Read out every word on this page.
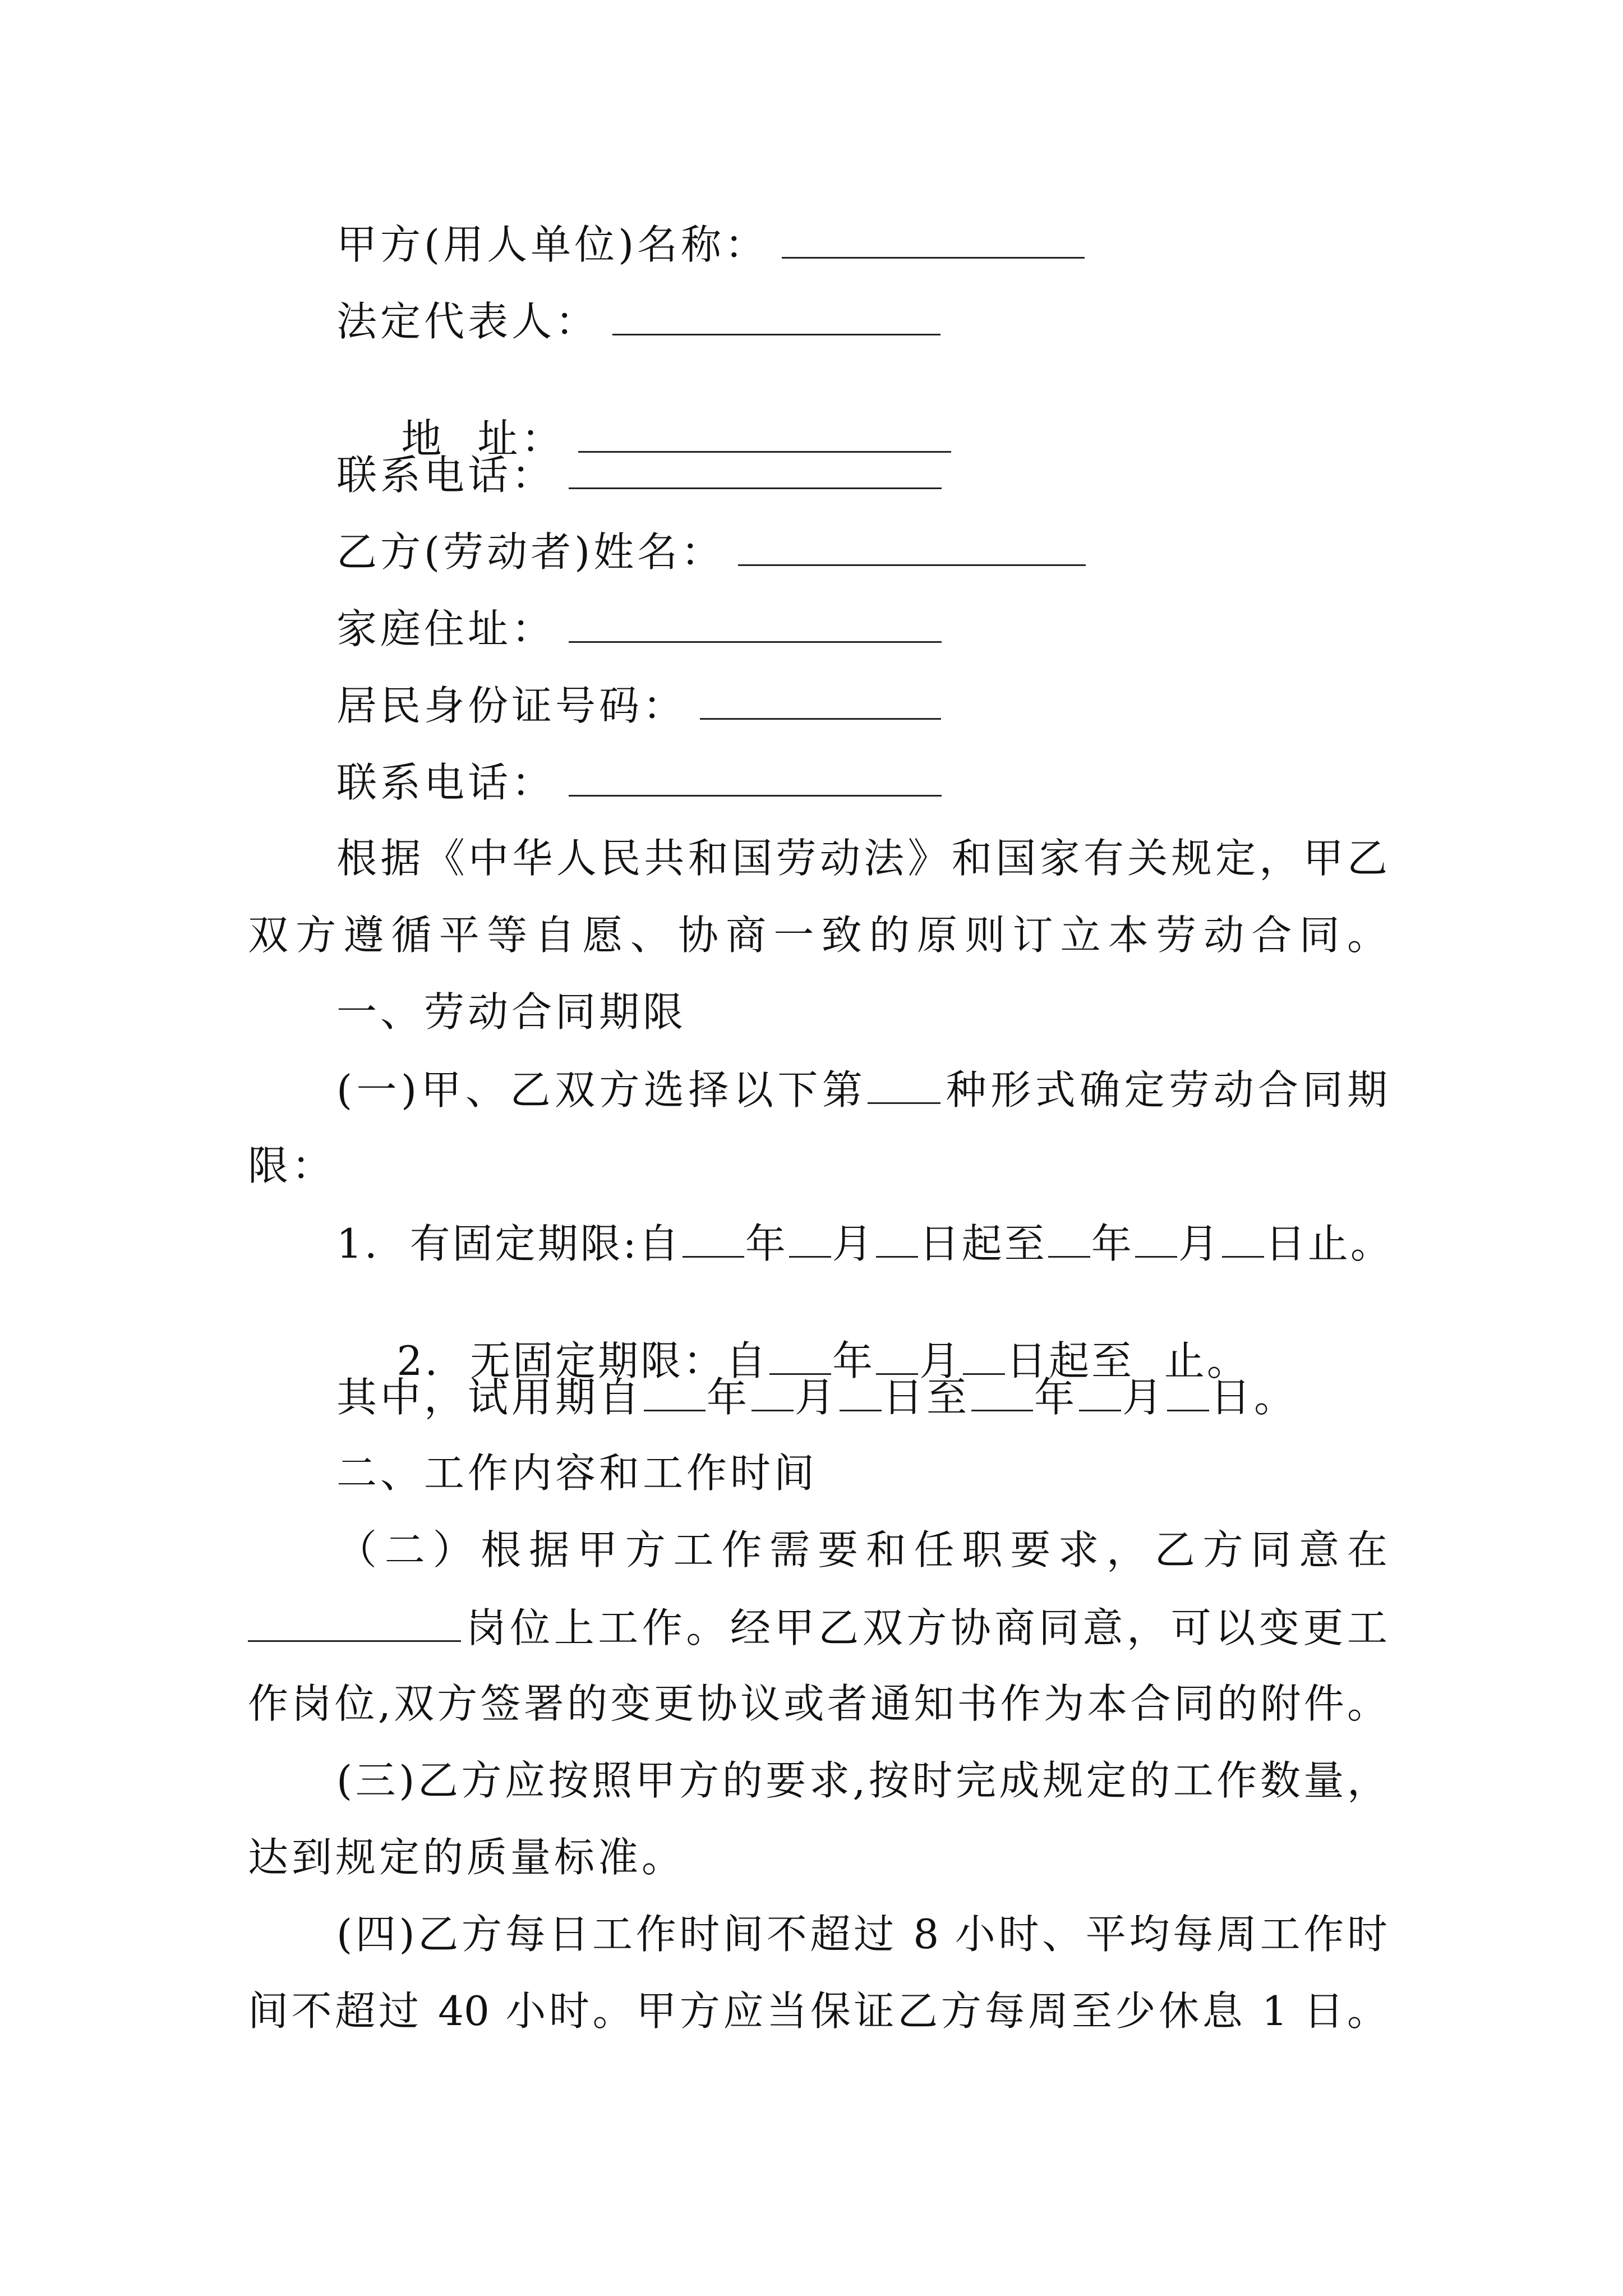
甲方(用人单位)名称：
法定代表人：

地  址：

联系电话：
乙方(劳动者)姓名：
家庭住址：
居民身份证号码：
联系电话：
根据《中华人民共和国劳动法》和国家有关规定，甲乙
双方遵循平等自愿、协商一致的原则订立本劳动合同。
一、劳动合同期限
(一)甲、乙双方选择以下第 种形式确定劳动合同期
限：
1. 有固定期限:自 年 月 日起至 年 月 日止。

2. 无固定期限：自 年 月 日起至  止。

其中，试用期自 年 月 日至 年 月 日。
二、工作内容和工作时间
（二）根据甲方工作需要和任职要求，乙方同意在
岗位上工作。经甲乙双方协商同意，可以变更工
作岗位,双方签署的变更协议或者通知书作为本合同的附件。
(三)乙方应按照甲方的要求,按时完成规定的工作数量，
达到规定的质量标准。
(四)乙方每日工作时间不超过 8 小时、平均每周工作时
间不超过 40 小时。甲方应当保证乙方每周至少休息 1 日。
